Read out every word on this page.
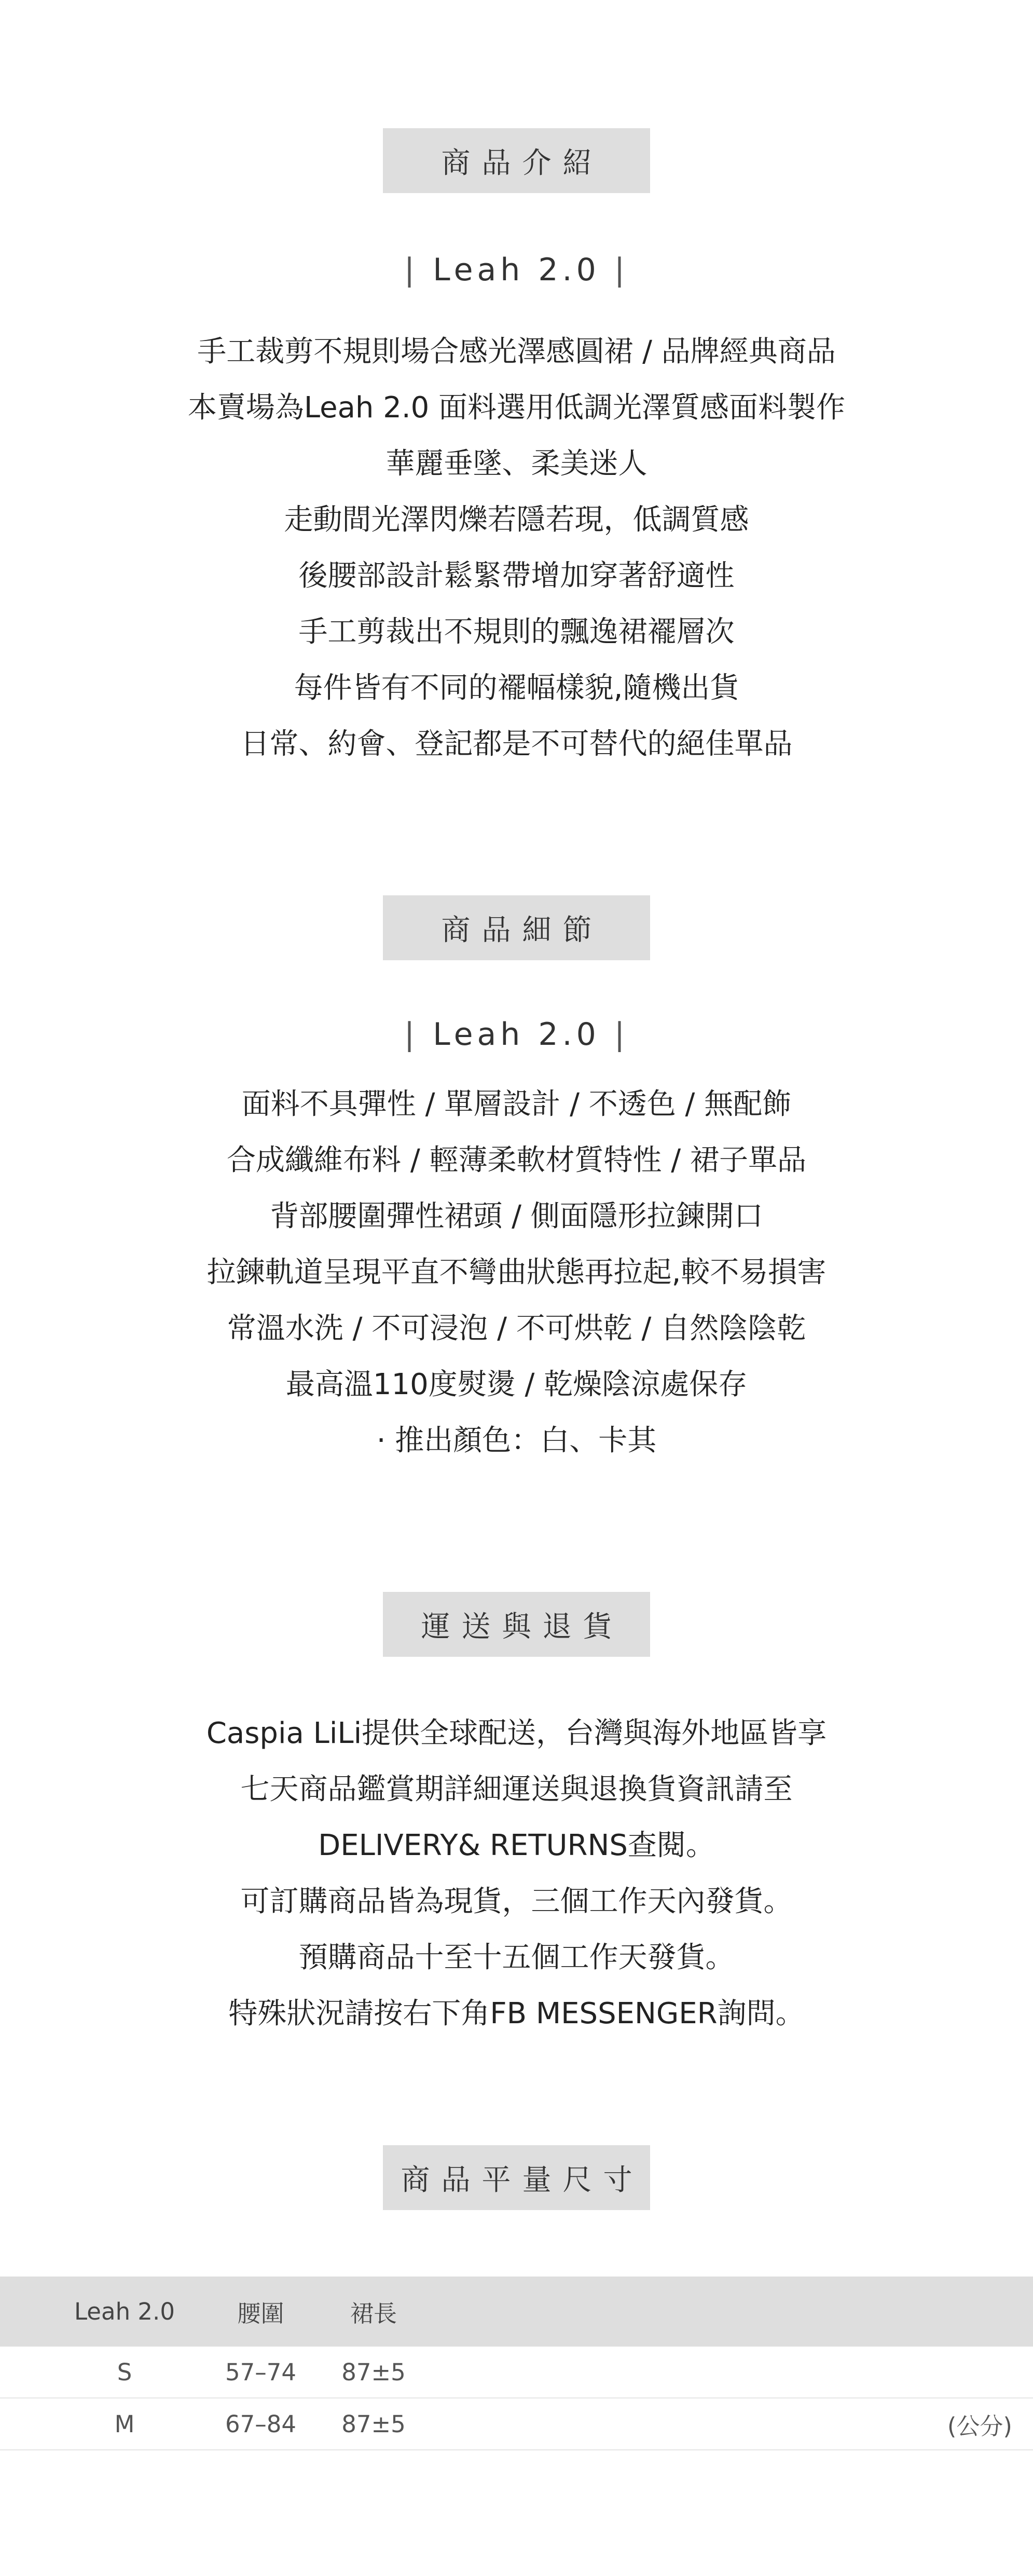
商品介紹
| Leah 2.0 |
手工裁剪不規則場合感光澤感圓裙 / 品牌經典商品
本賣場為Leah 2.0 面料選用低調光澤質感面料製作
華麗垂墜、柔美迷人
走動間光澤閃爍若隱若現，低調質感
後腰部設計鬆緊帶增加穿著舒適性
手工剪裁出不規則的飄逸裙襬層次
每件皆有不同的襬幅樣貌,隨機出貨
日常、約會、登記都是不可替代的絕佳單品
商品細節
| Leah 2.0 |
面料不具彈性 / 單層設計 / 不透色 / 無配飾
合成纖維布料 / 輕薄柔軟材質特性 / 裙子單品
背部腰圍彈性裙頭 / 側面隱形拉鍊開口
拉鍊軌道呈現平直不彎曲狀態再拉起,較不易損害
常溫水洗 / 不可浸泡 / 不可烘乾 / 自然陰陰乾
最高溫110度熨燙 / 乾燥陰涼處保存
· 推出顏色：白、卡其
運送與退貨
Caspia LiLi提供全球配送，台灣與海外地區皆享
七天商品鑑賞期詳細運送與退換貨資訊請至
DELIVERY& RETURNS查閱。
可訂購商品皆為現貨，三個工作天內發貨。
預購商品十至十五個工作天發貨。
特殊狀況請按右下角FB MESSENGER詢問。
商品平量尺寸
Leah 2.0	腰圍	裙長
S	57–74 87±5
M	67–84 87±5	(公分)
